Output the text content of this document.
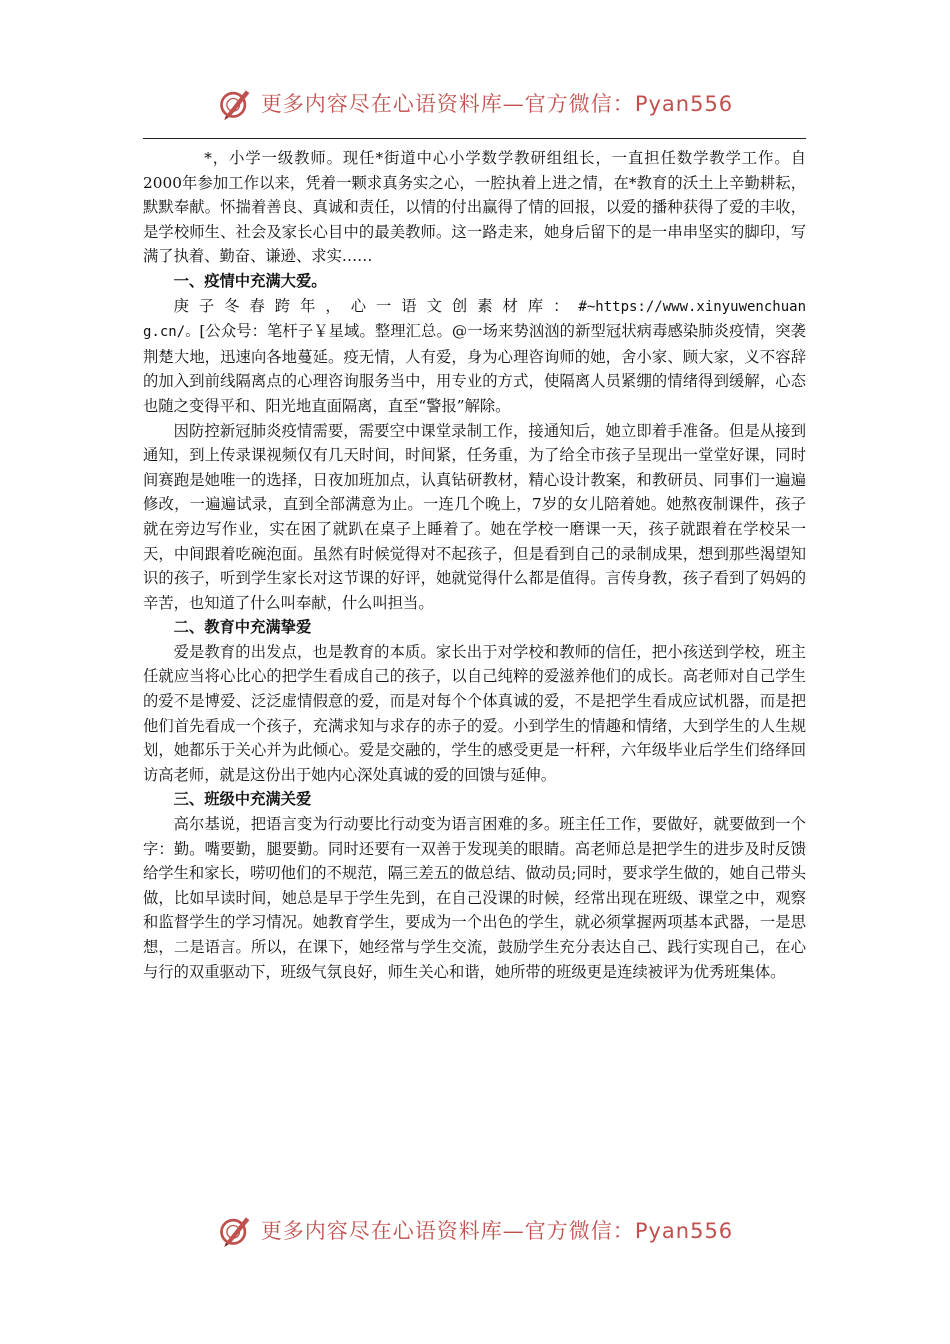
更多内容尽在心语资料库—官方微信：Pyan556

*，小学一级教师。现任*街道中心小学数学教研组组长，一直担任数学教学工作。自2000年参加工作以来，凭着一颗求真务实之心，一腔执着上进之情，在*教育的沃土上辛勤耕耘，默默奉献。怀揣着善良、真诚和责任，以情的付出赢得了情的回报，以爱的播种获得了爱的丰收，是学校师生、社会及家长心目中的最美教师。这一路走来，她身后留下的是一串串坚实的脚印，写满了执着、勤奋、谦逊、求实……

一、疫情中充满大爱。

庚子冬春跨年，心一语文创素材库：#~https://www.xinyuwenchuang.cn/。[公众号：笔杆子￥星域。整理汇总。@一场来势汹汹的新型冠状病毒感染肺炎疫情，突袭荆楚大地，迅速向各地蔓延。疫无情，人有爱，身为心理咨询师的她，舍小家、顾大家，义不容辞的加入到前线隔离点的心理咨询服务当中，用专业的方式，使隔离人员紧绷的情绪得到缓解，心态也随之变得平和、阳光地直面隔离，直至“警报”解除。

因防控新冠肺炎疫情需要，需要空中课堂录制工作，接通知后，她立即着手准备。但是从接到通知，到上传录课视频仅有几天时间，时间紧，任务重，为了给全市孩子呈现出一堂堂好课，同时间赛跑是她唯一的选择，日夜加班加点，认真钻研教材，精心设计教案，和教研员、同事们一遍遍修改，一遍遍试录，直到全部满意为止。一连几个晚上，7岁的女儿陪着她。她熬夜制课件，孩子就在旁边写作业，实在困了就趴在桌子上睡着了。她在学校一磨课一天，孩子就跟着在学校呆一天，中间跟着吃碗泡面。虽然有时候觉得对不起孩子，但是看到自己的录制成果，想到那些渴望知识的孩子，听到学生家长对这节课的好评，她就觉得什么都是值得。言传身教，孩子看到了妈妈的辛苦，也知道了什么叫奉献，什么叫担当。

二、教育中充满挚爱

爱是教育的出发点，也是教育的本质。家长出于对学校和教师的信任，把小孩送到学校，班主任就应当将心比心的把学生看成自己的孩子，以自己纯粹的爱滋养他们的成长。高老师对自己学生的爱不是博爱、泛泛虚情假意的爱，而是对每个个体真诚的爱，不是把学生看成应试机器，而是把他们首先看成一个孩子，充满求知与求存的赤子的爱。小到学生的情趣和情绪，大到学生的人生规划，她都乐于关心并为此倾心。爱是交融的，学生的感受更是一杆秤，六年级毕业后学生们络绎回访高老师，就是这份出于她内心深处真诚的爱的回馈与延伸。

三、班级中充满关爱

高尔基说，把语言变为行动要比行动变为语言困难的多。班主任工作，要做好，就要做到一个字：勤。嘴要勤，腿要勤。同时还要有一双善于发现美的眼睛。高老师总是把学生的进步及时反馈给学生和家长，唠叨他们的不规范，隔三差五的做总结、做动员;同时，要求学生做的，她自己带头做，比如早读时间，她总是早于学生先到，在自己没课的时候，经常出现在班级、课堂之中，观察和监督学生的学习情况。她教育学生，要成为一个出色的学生，就必须掌握两项基本武器，一是思想，二是语言。所以，在课下，她经常与学生交流，鼓励学生充分表达自己、践行实现自己，在心与行的双重驱动下，班级气氛良好，师生关心和谐，她所带的班级更是连续被评为优秀班集体。

更多内容尽在心语资料库—官方微信：Pyan556
